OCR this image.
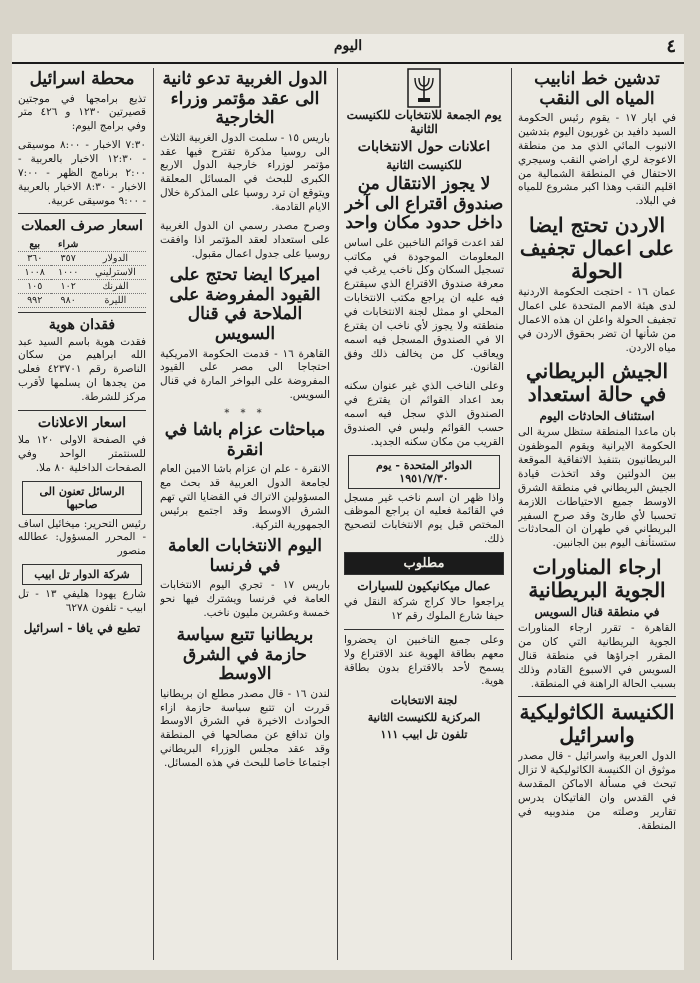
اليوم	٤
تدشين خط انابيب المياه الى النقب

في ايار ١٧ - يقوم رئيس الحكومة السيد دافيد بن غوريون اليوم بتدشين الانبوب المائي الذي مد من منطقة الاعوجة لري اراضي النقب وسيجري الاحتفال في المنطقة الشمالية من اقليم النقب وهذا اكبر مشروع للمياه في البلاد.

الاردن تحتج ايضا على اعمال تجفيف الحولة

عمان ١٦ - احتجت الحكومة الاردنية لدى هيئة الامم المتحدة على اعمال تجفيف الحولة واعلن ان هذه الاعمال من شأنها ان تضر بحقوق الاردن في مياه الاردن.

الجيش البريطاني في حالة استعداد
استئناف الحادثات اليوم

بان ماعدا المنطقة ستظل سرية الى الحكومة الايرانية ويقوم الموظفون البريطانيون بتنفيذ الاتفاقية الموقعة بين الدولتين وقد اتخذت قيادة الجيش البريطاني في منطقة الشرق الاوسط جميع الاحتياطات اللازمة تحسبا لأي طارئ وقد صرح السفير البريطاني في طهران ان المحادثات ستستأنف اليوم بين الجانبين.

ارجاء المناورات الجوية البريطانية
في منطقة قنال السويس

القاهرة - تقرر ارجاء المناورات الجوية البريطانية التي كان من المقرر اجراؤها في منطقة قنال السويس في الاسبوع القادم وذلك بسبب الحالة الراهنة في المنطقة.

الكنيسة الكاثوليكية واسرائيل

الدول العربية واسرائيل - قال مصدر موثوق ان الكنيسة الكاثوليكية لا تزال تبحث في مسألة الاماكن المقدسة في القدس وان الفاتيكان يدرس تقارير وصلته من مندوبيه في المنطقة.

يوم الجمعة للانتخابات للكنيست الثانية
اعلانات حول الانتخابات
للكنيست الثانية
لا يجوز الانتقال من صندوق اقتراع الى آخر داخل حدود مكان واحد

لقد اعدت قوائم الناخبين على اساس المعلومات الموجودة في مكاتب تسجيل السكان وكل ناخب يرغب في معرفة صندوق الاقتراع الذي سيقترع فيه عليه ان يراجع مكتب الانتخابات المحلي او ممثل لجنة الانتخابات في منطقته ولا يجوز لأي ناخب ان يقترع الا في الصندوق المسجل فيه اسمه ويعاقب كل من يخالف ذلك وفق القانون.

وعلى الناخب الذي غير عنوان سكنه بعد اعداد القوائم ان يقترع في الصندوق الذي سجل فيه اسمه حسب القوائم وليس في الصندوق القريب من مكان سكنه الجديد.

الدوائر المتحدة - يوم ١٩٥١/٧/٣٠

واذا ظهر ان اسم ناخب غير مسجل في القائمة فعليه ان يراجع الموظف المختص قبل يوم الانتخابات لتصحيح ذلك.

مطلوب
عمال ميكانيكيون للسيارات

يراجعوا حالا كراج شركة النقل في حيفا شارع الملوك رقم ١٢

وعلى جميع الناخبين ان يحضروا معهم بطاقة الهوية عند الاقتراع ولا يسمح لأحد بالاقتراع بدون بطاقة هوية.

لجنة الانتخابات
المركزية للكنيست الثانية
تلفون تل ابيب ١١١
الدول الغربية تدعو ثانية الى عقد مؤتمر وزراء الخارجية

باريس ١٥ - سلمت الدول الغربية الثلاث الى روسيا مذكرة تقترح فيها عقد مؤتمر لوزراء خارجية الدول الاربع الكبرى للبحث في المسائل المعلقة ويتوقع ان ترد روسيا على المذكرة خلال الايام القادمة.

وصرح مصدر رسمي ان الدول الغربية على استعداد لعقد المؤتمر اذا وافقت روسيا على جدول اعمال مقبول.

اميركا ايضا تحتج على القيود المفروضة على الملاحة في قنال السويس

القاهرة ١٦ - قدمت الحكومة الامريكية احتجاجا الى مصر على القيود المفروضة على البواخر المارة في قنال السويس.

* * *
مباحثات عزام باشا في انقرة

الانقرة - علم ان عزام باشا الامين العام لجامعة الدول العربية قد بحث مع المسؤولين الاتراك في القضايا التي تهم الشرق الاوسط وقد اجتمع برئيس الجمهورية التركية.

اليوم الانتخابات العامة في فرنسا

باريس ١٧ - تجري اليوم الانتخابات العامة في فرنسا ويشترك فيها نحو خمسة وعشرين مليون ناخب.

بريطانيا تتبع سياسة حازمة في الشرق الاوسط

لندن ١٦ - قال مصدر مطلع ان بريطانيا قررت ان تتبع سياسة حازمة ازاء الحوادث الاخيرة في الشرق الاوسط وان تدافع عن مصالحها في المنطقة وقد عقد مجلس الوزراء البريطاني اجتماعا خاصا للبحث في هذه المسائل.

محطة اسرائيل

تذيع برامجها في موجتين قصيرتين ١٢٣٠ و ٤٢٦ متر وفي برامج اليوم:

٧:٣٠ الاخبار - ٨:٠٠ موسيقى - ١٢:٣٠ الاخبار بالعربية - ٢:٠٠ برنامج الظهر - ٧:٠٠ الاخبار - ٨:٣٠ الاخبار بالعربية - ٩:٠٠ موسيقى عربية.

اسعار صرف العملات
	شراء	بيع
الدولار	٣٥٧	٣٦٠
الاسترليني	١٠٠٠	١٠٠٨
الفرنك	١٠٢	١٠٥
الليرة	٩٨٠	٩٩٢
فقدان هوية

فقدت هوية باسم السيد عبد الله ابراهيم من سكان الناصرة رقم ٤٢٣٧٠١ فعلى من يجدها ان يسلمها لأقرب مركز للشرطة.

اسعار الاعلانات

في الصفحة الاولى ١٢٠ ملا للسنتمتر الواحد وفي الصفحات الداخلية ٨٠ ملا.

الرسائل تعنون الى صاحبها

رئيس التحرير: ميخائيل اساف - المحرر المسؤول: عطالله منصور

شركة الدوار تل ابيب

شارع يهودا هليفي ١٣ - تل ابيب - تلفون ٦٢٧٨

تطبع في يافا - اسرائيل
